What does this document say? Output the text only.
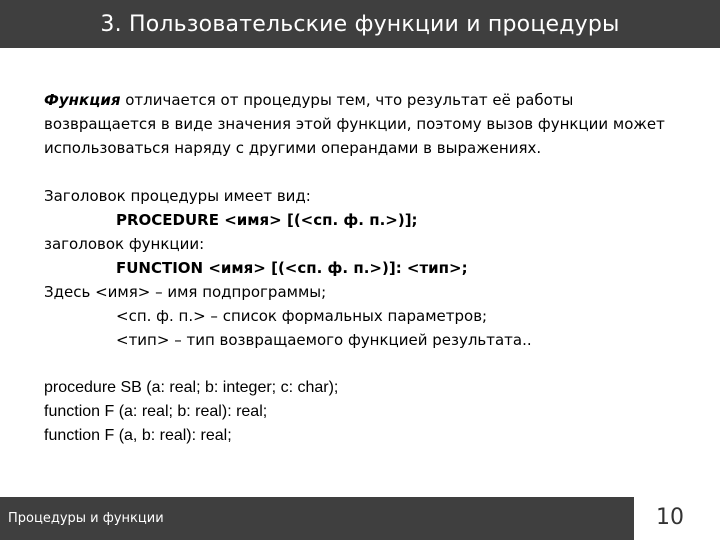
3. Пользовательские функции и процедуры

Функция отличается от процедуры тем, что результат её работы возвращается в виде значения этой функции, поэтому вызов функции может использоваться наряду с другими операндами в выражениях.

Заголовок процедуры имеет вид:
PROCEDURE <имя> [(<сп. ф. п.>)];
заголовок функции:
FUNCTION <имя> [(<сп. ф. п.>)]: <тип>;
Здесь <имя> – имя подпрограммы;
<сп. ф. п.> – список формальных параметров;
<тип> – тип возвращаемого функцией результата..
procedure SB (a: real; b: integer; c: char);
function F (a: real; b: real): real;
function F (a, b: real): real;
Процедуры и функции	10
